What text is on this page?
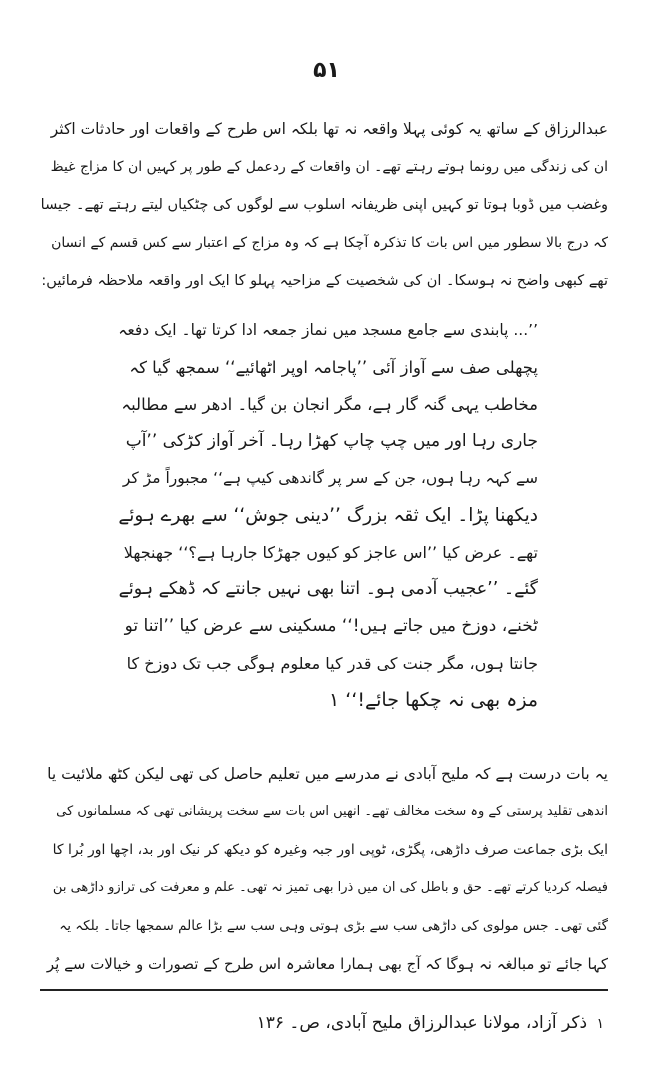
۵۱
عبدالرزاق کے ساتھ یہ کوئی پہلا واقعہ نہ تھا بلکہ اس طرح کے واقعات اور حادثات اکثر
ان کی زندگی میں رونما ہوتے رہتے تھے۔ ان واقعات کے ردعمل کے طور پر کہیں ان کا مزاج غیظ
وغضب میں ڈوبا ہوتا تو کہیں اپنی ظریفانہ اسلوب سے لوگوں کی چٹکیاں لیتے رہتے تھے۔ جیسا
کہ درج بالا سطور میں اس بات کا تذکرہ آچکا ہے کہ وہ مزاج کے اعتبار سے کس قسم کے انسان
تھے کبھی واضح نہ ہوسکا۔ ان کی شخصیت کے مزاحیہ پہلو کا ایک اور واقعہ ملاحظہ فرمائیں:
’’... پابندی سے جامع مسجد میں نماز جمعہ ادا کرتا تھا۔ ایک دفعہ
پچھلی صف سے آواز آئی ’’پاجامہ اوپر اٹھائیے‘‘ سمجھ گیا کہ
مخاطب یہی گنہ گار ہے، مگر انجان بن گیا۔ ادھر سے مطالبہ
جاری رہا اور میں چپ چاپ کھڑا رہا۔ آخر آواز کڑکی ’’آپ
سے کہہ رہا ہوں، جن کے سر پر گاندھی کیپ ہے‘‘ مجبوراً مڑ کر
دیکھنا پڑا۔ ایک ثقہ بزرگ ’’دینی جوش‘‘ سے بھرے ہوئے
تھے۔ عرض کیا ’’اس عاجز کو کیوں جھڑکا جارہا ہے؟‘‘ جھنجھلا
گئے۔ ’’عجیب آدمی ہو۔ اتنا بھی نہیں جانتے کہ ڈھکے ہوئے
ٹخنے، دوزخ میں جاتے ہیں!‘‘ مسکینی سے عرض کیا ’’اتنا تو
جانتا ہوں، مگر جنت کی قدر کیا معلوم ہوگی جب تک دوزخ کا
مزہ بھی نہ چکھا جائے!‘‘ ۱
یہ بات درست ہے کہ ملیح آبادی نے مدرسے میں تعلیم حاصل کی تھی لیکن کٹھ ملائیت یا
اندھی تقلید پرستی کے وہ سخت مخالف تھے۔ انھیں اس بات سے سخت پریشانی تھی کہ مسلمانوں کی
ایک بڑی جماعت صرف داڑھی، پگڑی، ٹوپی اور جبہ وغیرہ کو دیکھ کر نیک اور بد، اچھا اور بُرا کا
فیصلہ کردیا کرتے تھے۔ حق و باطل کی ان میں ذرا بھی تمیز نہ تھی۔ علم و معرفت کی ترازو داڑھی بن
گئی تھی۔ جس مولوی کی داڑھی سب سے بڑی ہوتی وہی سب سے بڑا عالم سمجھا جاتا۔ بلکہ یہ
کہا جائے تو مبالغہ نہ ہوگا کہ آج بھی ہمارا معاشرہ اس طرح کے تصورات و خیالات سے پُر
۱ ذکر آزاد، مولانا عبدالرزاق ملیح آبادی، ص۔ ۱۳۶
